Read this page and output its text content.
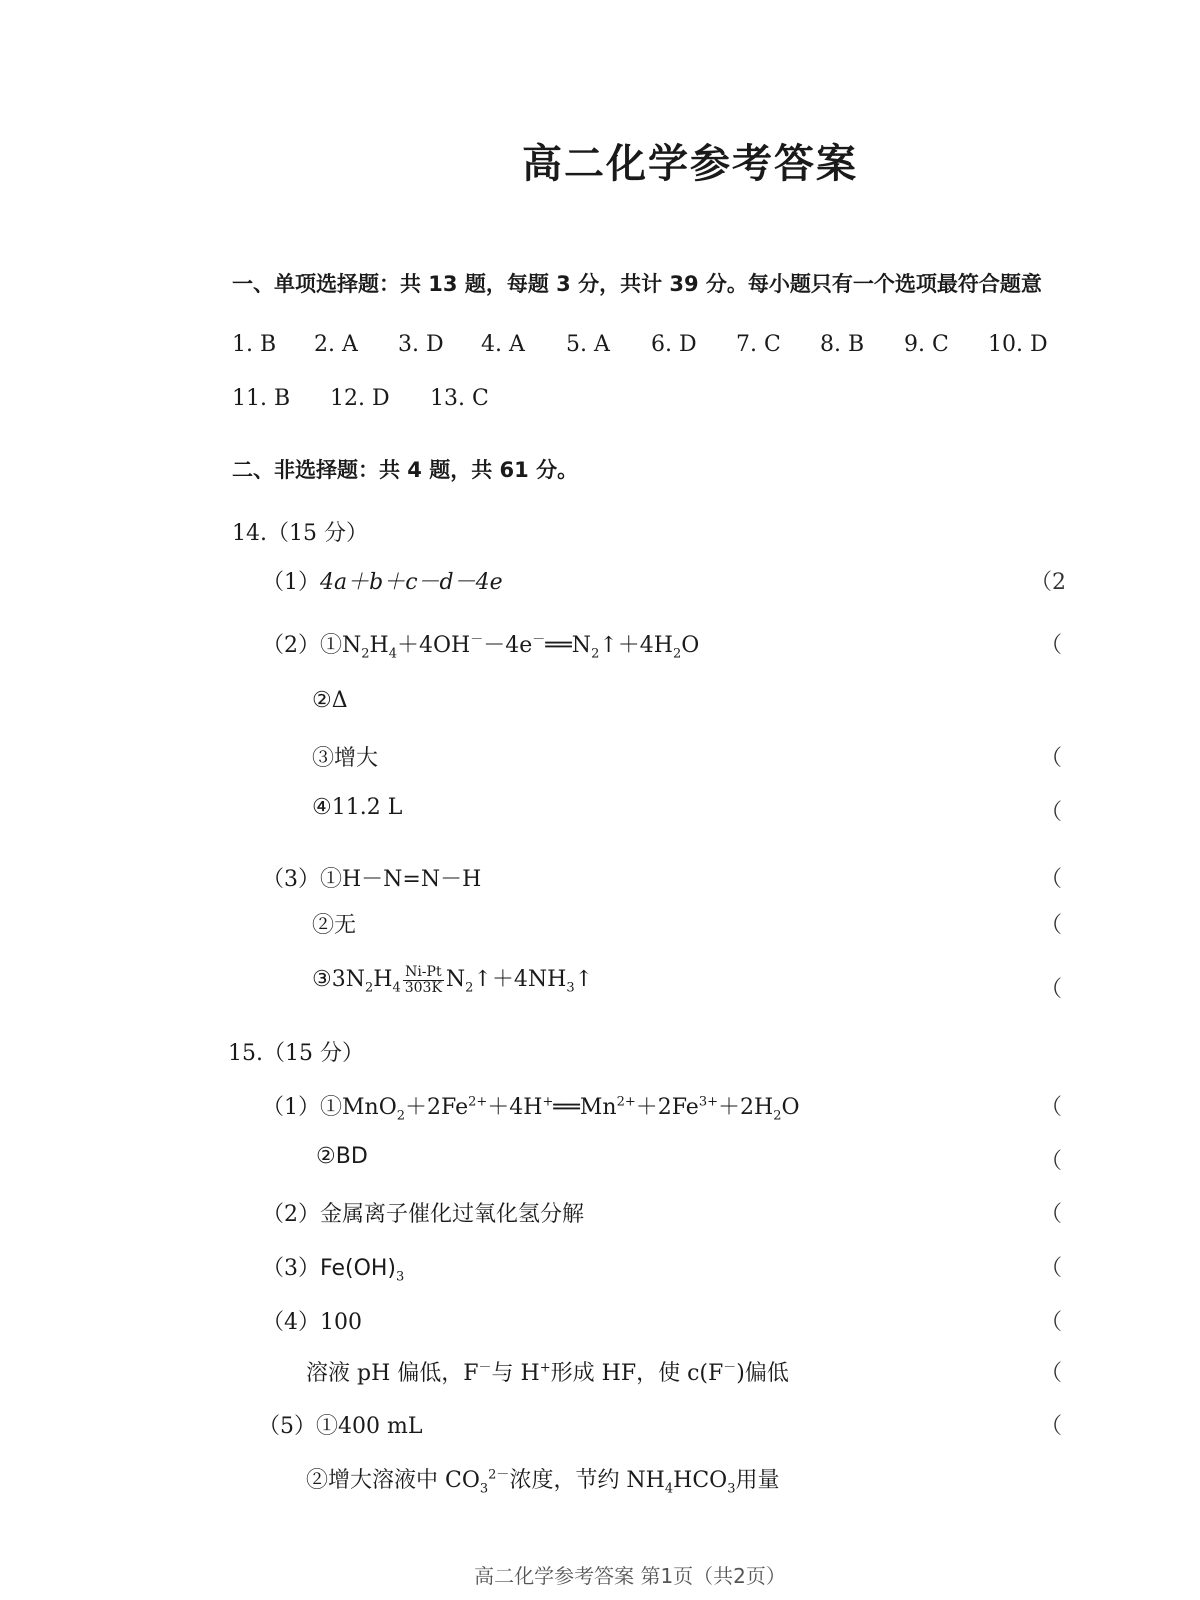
高二化学参考答案
一、单项选择题：共 13 题，每题 3 分，共计 39 分。每小题只有一个选项最符合题意
1. B 2. A 3. D 4. A 5. A 6. D 7. C 8. B 9. C 10. D
11. B 12. D 13. C
二、非选择题：共 4 题，共 61 分。
14.（15 分）
（1）4a＋b＋c－d－4e
$(2)①N_2H_4+4OH^--4e^-══N_2↑+4H_2O$
②Δ
③增大
④11.2 L
（3）①H－N=N－H
②无
$③3N_2H_4 \frac{Ni-Pt}{303K}$ $N_2↑+4NH_3↑$
15.（15 分）
$(1)①MnO_2+2Fe^{2+}+4H^+══Mn^{2+}+2Fe^{3+}+2H_2O$
②BD
（2）金属离子催化过氧化氢分解
$(3)Fe(OH)_3$
（4）100
溶液 pH 偏低，F－与 H+形成 HF，使 c(F－)偏低
（5）①400 mL
②增大溶液中 $CO_3^{2-}$浓度，节约 $NH_4HCO_3$用量
（2
（
（
（
（
（
（
（
（
（
（
（
（
（
高二化学参考答案 第1页（共2页）
